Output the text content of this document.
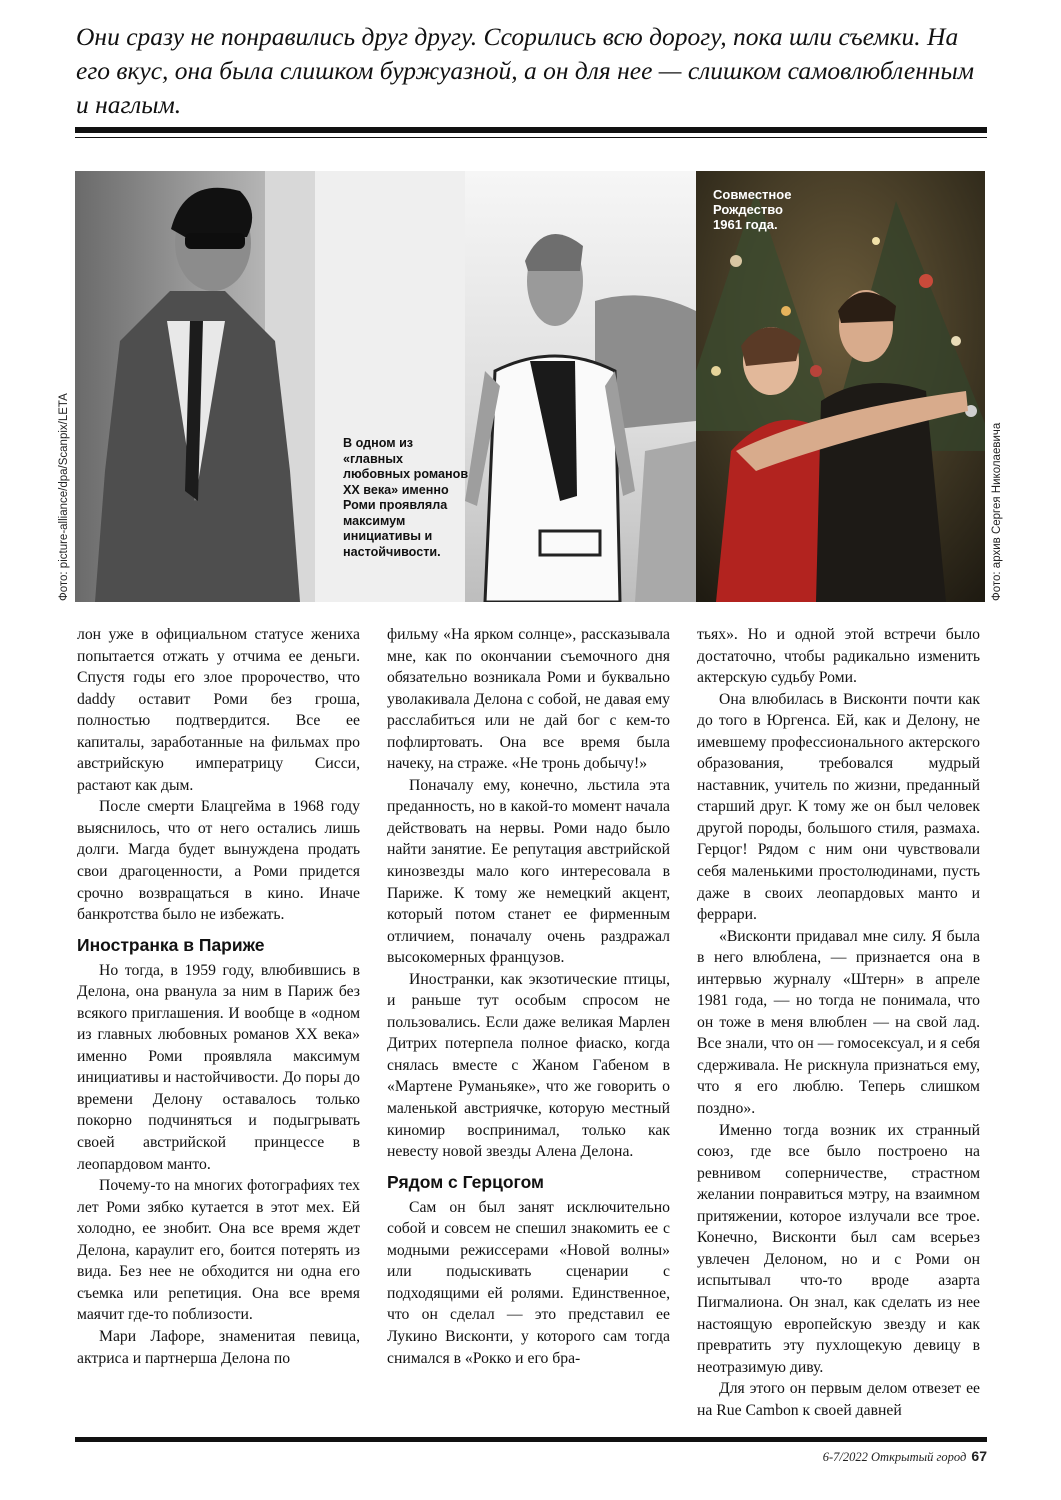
Они сразу не понравились друг другу. Ссорились всю дорогу, пока шли съемки. На его вкус, она была слишком буржуазной, а он для нее — слишком самовлюбленным и наглым.
Фото: picture-alliance/dpa/Scanpix/LETA	В одном из «главных любовных романов XX века» именно Роми проявляла максимум инициативы и настойчивости.
Совместное
Рождество
1961 года.
Фото: архив Сергея Николаевича

лон уже в официальном статусе жениха попытается отжать у отчима ее деньги. Спустя годы его злое пророчество, что daddy оставит Роми без гроша, полностью подтвердится. Все ее капиталы, заработанные на фильмах про австрийскую императрицу Сисси, растают как дым.

После смерти Блацгейма в 1968 году выяснилось, что от него остались лишь долги. Магда будет вынуждена продать свои драгоценности, а Роми придется срочно возвращаться в кино. Иначе банкротства было не избежать.

Иностранка в Париже

Но тогда, в 1959 году, влюбившись в Делона, она рванула за ним в Париж без всякого приглашения. И вообще в «одном из главных любовных романов XX века» именно Роми проявляла максимум инициативы и настойчивости. До поры до времени Делону оставалось только покорно подчиняться и подыгрывать своей австрийской принцессе в леопардовом манто.

Почему-то на многих фотографиях тех лет Роми зябко кутается в этот мех. Ей холодно, ее знобит. Она все время ждет Делона, караулит его, боится потерять из вида. Без нее не обходится ни одна его съемка или репетиция. Она все время маячит где-то поблизости.

Мари Лафоре, знаменитая певица, актриса и партнерша Делона по

фильму «На ярком солнце», рассказывала мне, как по окончании съемочного дня обязательно возникала Роми и буквально уволакивала Делона с собой, не давая ему расслабиться или не дай бог с кем-то пофлиртовать. Она все время была начеку, на страже. «Не тронь добычу!»

Поначалу ему, конечно, льстила эта преданность, но в какой-то момент начала действовать на нервы. Роми надо было найти занятие. Ее репутация австрийской кинозвезды мало кого интересовала в Париже. К тому же немецкий акцент, который потом станет ее фирменным отличием, поначалу очень раздражал высокомерных французов.

Иностранки, как экзотические птицы, и раньше тут особым спросом не пользовались. Если даже великая Марлен Дитрих потерпела полное фиаско, когда снялась вместе с Жаном Габеном в «Мартене Руманьяке», что же говорить о маленькой австриячке, которую местный киномир воспринимал, только как невесту новой звезды Алена Делона.

Рядом с Герцогом

Сам он был занят исключительно собой и совсем не спешил знакомить ее с модными режиссерами «Новой волны» или подыскивать сценарии с подходящими ей ролями. Единственное, что он сделал — это представил ее Лукино Висконти, у которого сам тогда снимался в «Рокко и его бра-

тьях». Но и одной этой встречи было достаточно, чтобы радикально изменить актерскую судьбу Роми.

Она влюбилась в Висконти почти как до того в Юргенса. Ей, как и Делону, не имевшему профессионального актерского образования, требовался мудрый наставник, учитель по жизни, преданный старший друг. К тому же он был человек другой породы, большого стиля, размаха. Герцог! Рядом с ним они чувствовали себя маленькими простолюдинами, пусть даже в своих леопардовых манто и феррари.

«Висконти придавал мне силу. Я была в него влюблена, — признается она в интервью журналу «Штерн» в апреле 1981 года, — но тогда не понимала, что он тоже в меня влюблен — на свой лад. Все знали, что он — гомосексуал, и я себя сдерживала. Не рискнула признаться ему, что я его люблю. Теперь слишком поздно».

Именно тогда возник их странный союз, где все было построено на ревнивом соперничестве, страстном желании понравиться мэтру, на взаимном притяжении, которое излучали все трое. Конечно, Висконти был сам всерьез увлечен Делоном, но и с Роми он испытывал что-то вроде азарта Пигмалиона. Он знал, как сделать из нее настоящую европейскую звезду и как превратить эту пухлощекую девицу в неотразимую диву.

Для этого он первым делом отвезет ее на Rue Cambon к своей давней

6-7/2022 Открытый город 67
